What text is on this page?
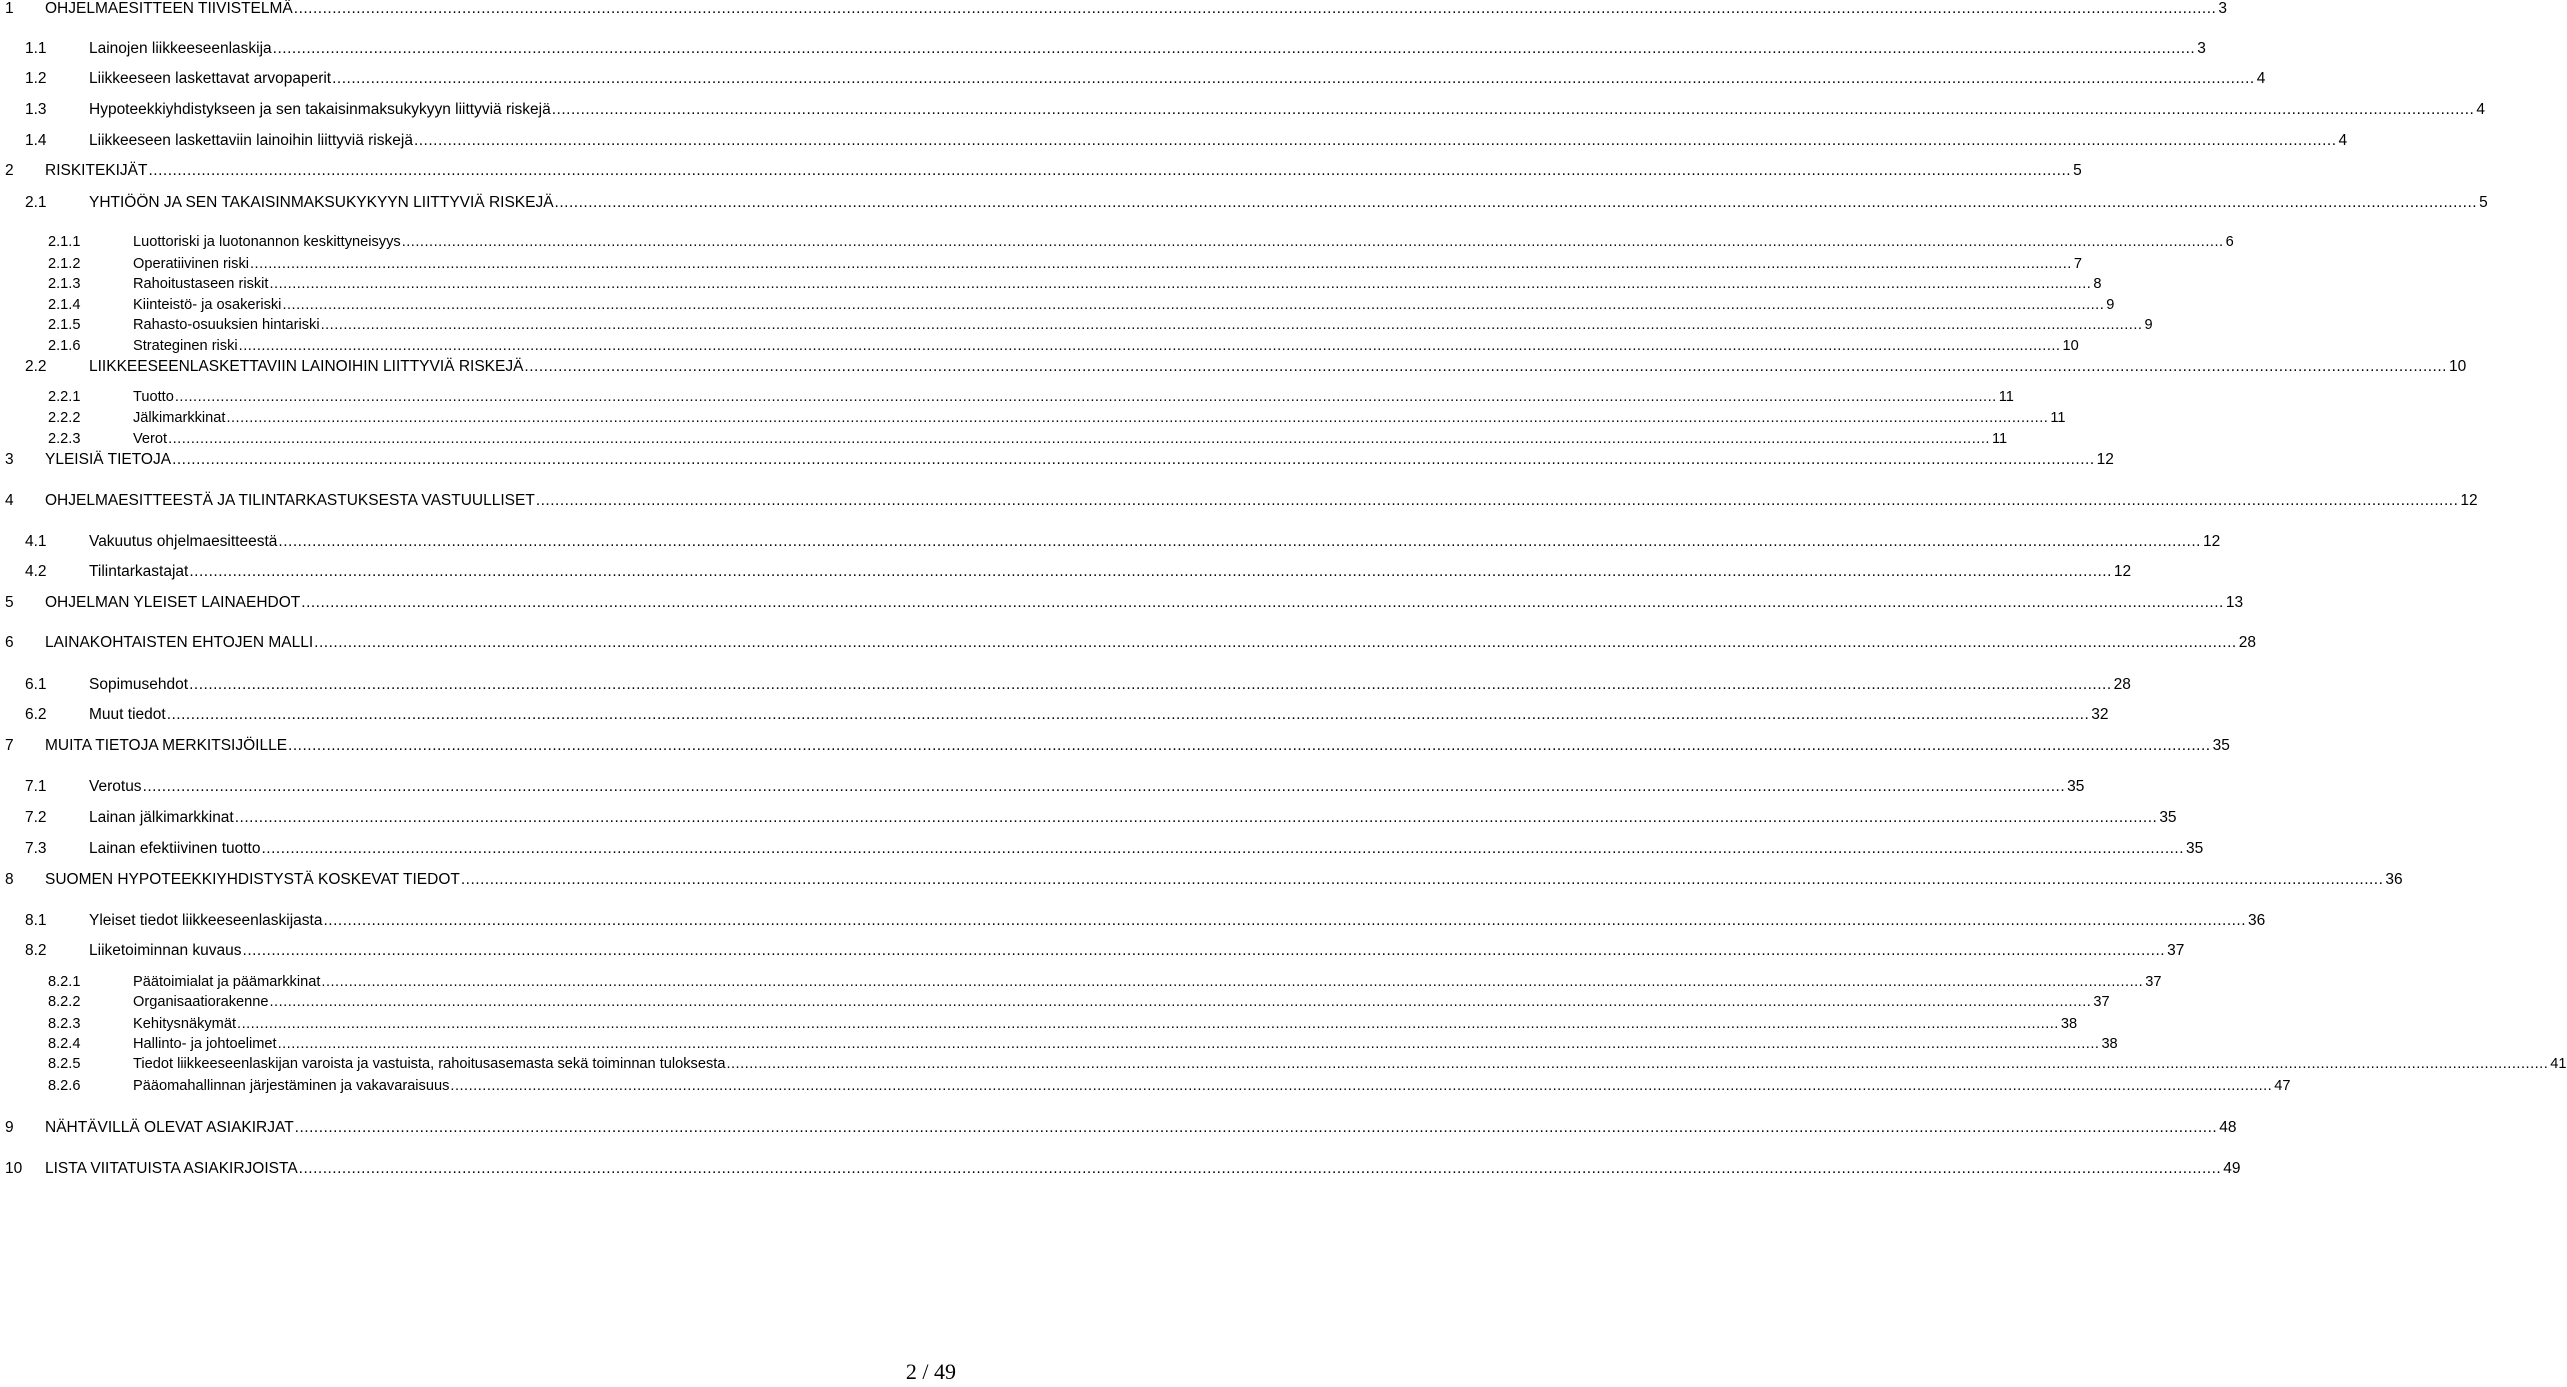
1 OHJELMAESITTEEN TIIVISTELMÄ ................................................................................................................................................................................................................................................................................................................................................................................................................ 3
1.1	Lainojen liikkeeseenlaskija ................................................................................................................................................................................................................................................................................................................................................................................................................ 3
1.2	Liikkeeseen laskettavat arvopaperit ................................................................................................................................................................................................................................................................................................................................................................................................................ 4
1.3	Hypoteekkiyhdistykseen ja sen takaisinmaksukykyyn liittyviä riskejä ................................................................................................................................................................................................................................................................................................................................................................................................................ 4
1.4	Liikkeeseen laskettaviin lainoihin liittyviä riskejä ................................................................................................................................................................................................................................................................................................................................................................................................................ 4
2 RISKITEKIJÄT ................................................................................................................................................................................................................................................................................................................................................................................................................ 5
2.1	YHTIÖÖN JA SEN TAKAISINMAKSUKYKYYN LIITTYVIÄ RISKEJÄ ................................................................................................................................................................................................................................................................................................................................................................................................................ 5
2.1.1	Luottoriski ja luotonannon keskittyneisyys ................................................................................................................................................................................................................................................................................................................................................................................................................ 6
2.1.2	Operatiivinen riski ................................................................................................................................................................................................................................................................................................................................................................................................................ 7
2.1.3	Rahoitustaseen riskit ................................................................................................................................................................................................................................................................................................................................................................................................................ 8
2.1.4	Kiinteistö- ja osakeriski ................................................................................................................................................................................................................................................................................................................................................................................................................ 9
2.1.5	Rahasto-osuuksien hintariski ................................................................................................................................................................................................................................................................................................................................................................................................................ 9
2.1.6	Strateginen riski ................................................................................................................................................................................................................................................................................................................................................................................................................ 10
2.2	LIIKKEESEENLASKETTAVIIN LAINOIHIN LIITTYVIÄ RISKEJÄ ................................................................................................................................................................................................................................................................................................................................................................................................................ 10
2.2.1	Tuotto ................................................................................................................................................................................................................................................................................................................................................................................................................ 11
2.2.2	Jälkimarkkinat ................................................................................................................................................................................................................................................................................................................................................................................................................ 11
2.2.3	Verot ................................................................................................................................................................................................................................................................................................................................................................................................................ 11
3 YLEISIÄ TIETOJA ................................................................................................................................................................................................................................................................................................................................................................................................................ 12
4 OHJELMAESITTEESTÄ JA TILINTARKASTUKSESTA VASTUULLISET ................................................................................................................................................................................................................................................................................................................................................................................................................ 12
4.1	Vakuutus ohjelmaesitteestä ................................................................................................................................................................................................................................................................................................................................................................................................................ 12
4.2	Tilintarkastajat ................................................................................................................................................................................................................................................................................................................................................................................................................ 12
5 OHJELMAN YLEISET LAINAEHDOT ................................................................................................................................................................................................................................................................................................................................................................................................................ 13
6 LAINAKOHTAISTEN EHTOJEN MALLI ................................................................................................................................................................................................................................................................................................................................................................................................................ 28
6.1	Sopimusehdot ................................................................................................................................................................................................................................................................................................................................................................................................................ 28
6.2	Muut tiedot ................................................................................................................................................................................................................................................................................................................................................................................................................ 32
7 MUITA TIETOJA MERKITSIJÖILLE ................................................................................................................................................................................................................................................................................................................................................................................................................ 35
7.1	Verotus ................................................................................................................................................................................................................................................................................................................................................................................................................ 35
7.2	Lainan jälkimarkkinat ................................................................................................................................................................................................................................................................................................................................................................................................................ 35
7.3	Lainan efektiivinen tuotto ................................................................................................................................................................................................................................................................................................................................................................................................................ 35
8 SUOMEN HYPOTEEKKIYHDISTYSTÄ KOSKEVAT TIEDOT ................................................................................................................................................................................................................................................................................................................................................................................................................ 36
8.1	Yleiset tiedot liikkeeseenlaskijasta ................................................................................................................................................................................................................................................................................................................................................................................................................ 36
8.2	Liiketoiminnan kuvaus ................................................................................................................................................................................................................................................................................................................................................................................................................ 37
8.2.1	Päätoimialat ja päämarkkinat ................................................................................................................................................................................................................................................................................................................................................................................................................ 37
8.2.2	Organisaatiorakenne ................................................................................................................................................................................................................................................................................................................................................................................................................ 37
8.2.3	Kehitysnäkymät ................................................................................................................................................................................................................................................................................................................................................................................................................ 38
8.2.4	Hallinto- ja johtoelimet ................................................................................................................................................................................................................................................................................................................................................................................................................ 38
8.2.5	Tiedot liikkeeseenlaskijan varoista ja vastuista, rahoitusasemasta sekä toiminnan tuloksesta ................................................................................................................................................................................................................................................................................................................................................................................................................ 41
8.2.6	Pääomahallinnan järjestäminen ja vakavaraisuus ................................................................................................................................................................................................................................................................................................................................................................................................................ 47
9 NÄHTÄVILLÄ OLEVAT ASIAKIRJAT ................................................................................................................................................................................................................................................................................................................................................................................................................ 48
10 LISTA VIITATUISTA ASIAKIRJOISTA ................................................................................................................................................................................................................................................................................................................................................................................................................ 49
2 / 49
